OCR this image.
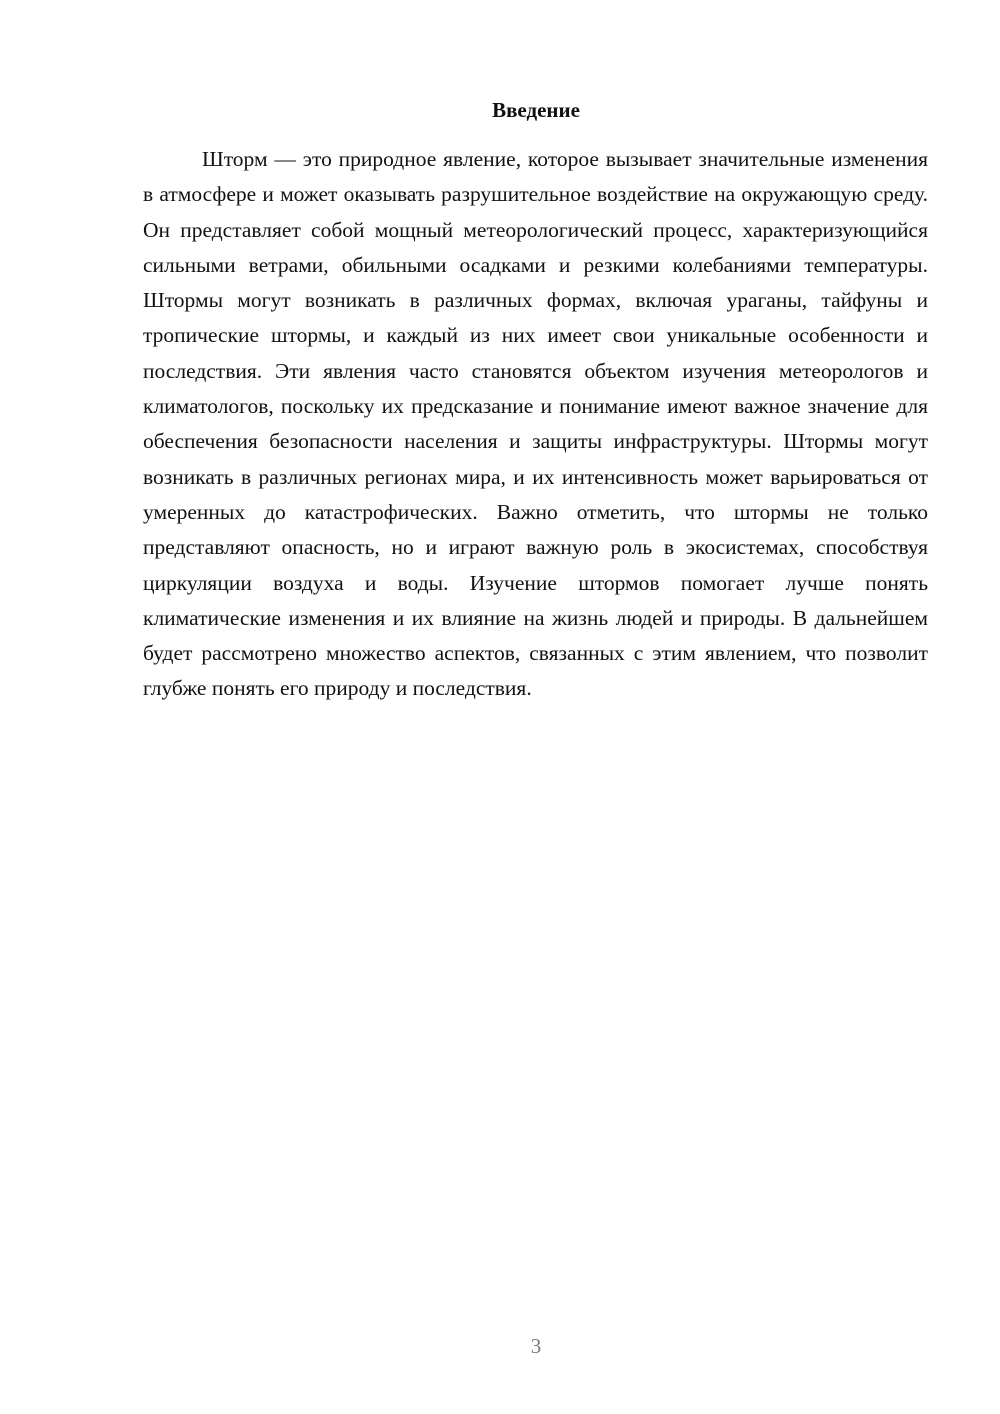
Введение

Шторм — это природное явление, которое вызывает значительные изменения в атмосфере и может оказывать разрушительное воздействие на окружающую среду. Он представляет собой мощный метеорологический процесс, характеризующийся сильными ветрами, обильными осадками и резкими колебаниями температуры. Штормы могут возникать в различных формах, включая ураганы, тайфуны и тропические штормы, и каждый из них имеет свои уникальные особенности и последствия. Эти явления часто становятся объектом изучения метеорологов и климатологов, поскольку их предсказание и понимание имеют важное значение для обеспечения безопасности населения и защиты инфраструктуры. Штормы могут возникать в различных регионах мира, и их интенсивность может варьироваться от умеренных до катастрофических. Важно отметить, что штормы не только представляют опасность, но и играют важную роль в экосистемах, способствуя циркуляции воздуха и воды. Изучение штормов помогает лучше понять климатические изменения и их влияние на жизнь людей и природы. В дальнейшем будет рассмотрено множество аспектов, связанных с этим явлением, что позволит глубже понять его природу и последствия.

3
